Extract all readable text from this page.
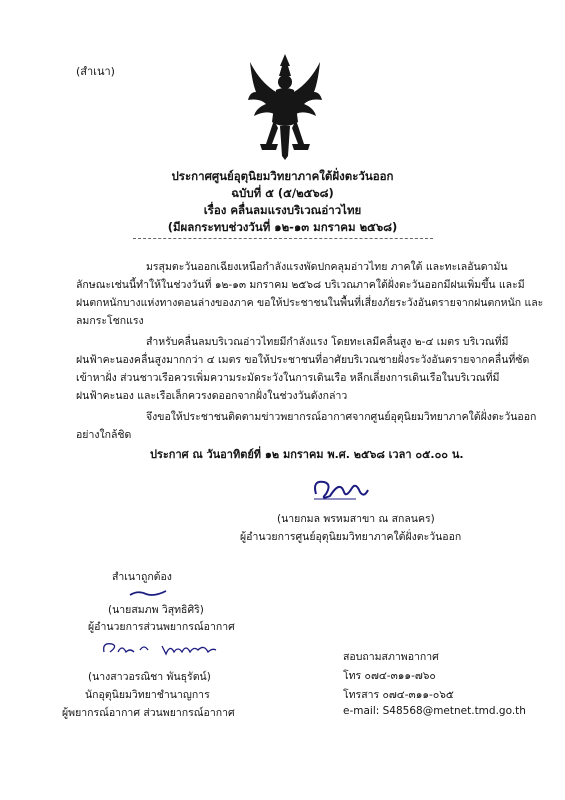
(สำเนา)
ประกาศศูนย์อุตุนิยมวิทยาภาคใต้ฝั่งตะวันออก
ฉบับที่ ๕ (๕/๒๕๖๘)
เรื่อง คลื่นลมแรงบริเวณอ่าวไทย
(มีผลกระทบช่วงวันที่ ๑๒-๑๓ มกราคม ๒๕๖๘)
มรสุมตะวันออกเฉียงเหนือกำลังแรงพัดปกคลุมอ่าวไทย ภาคใต้ และทะเลอันดามัน
ลักษณะเช่นนี้ทำให้ในช่วงวันที่ ๑๒-๑๓ มกราคม ๒๕๖๘ บริเวณภาคใต้ฝั่งตะวันออกมีฝนเพิ่มขึ้น และมี
ฝนตกหนักบางแห่งทางตอนล่างของภาค ขอให้ประชาชนในพื้นที่เสี่ยงภัยระวังอันตรายจากฝนตกหนัก และ
ลมกระโชกแรง
สำหรับคลื่นลมบริเวณอ่าวไทยมีกำลังแรง โดยทะเลมีคลื่นสูง ๒-๔ เมตร บริเวณที่มี
ฝนฟ้าคะนองคลื่นสูงมากกว่า ๔ เมตร ขอให้ประชาชนที่อาศัยบริเวณชายฝั่งระวังอันตรายจากคลื่นที่ซัด
เข้าหาฝั่ง ส่วนชาวเรือควรเพิ่มความระมัดระวังในการเดินเรือ หลีกเลี่ยงการเดินเรือในบริเวณที่มี
ฝนฟ้าคะนอง และเรือเล็กควรงดออกจากฝั่งในช่วงวันดังกล่าว
จึงขอให้ประชาชนติดตามข่าวพยากรณ์อากาศจากศูนย์อุตุนิยมวิทยาภาคใต้ฝั่งตะวันออก
อย่างใกล้ชิด
ประกาศ ณ วันอาทิตย์ที่ ๑๒ มกราคม พ.ศ. ๒๕๖๘ เวลา ๐๕.๐๐ น.
(นายกมล พรหมสาขา ณ สกลนคร)
ผู้อำนวยการศูนย์อุตุนิยมวิทยาภาคใต้ฝั่งตะวันออก
สำเนาถูกต้อง
(นายสมภพ วิสุทธิศิริ)
ผู้อำนวยการส่วนพยากรณ์อากาศ
(นางสาวอรณิชา พันธุรัตน์)
นักอุตุนิยมวิทยาชำนาญการ
ผู้พยากรณ์อากาศ ส่วนพยากรณ์อากาศ
สอบถามสภาพอากาศ
โทร ๐๗๔-๓๑๑-๗๖๐
โทรสาร ๐๗๔-๓๑๑-๐๖๕
e-mail: S48568@metnet.tmd.go.th
